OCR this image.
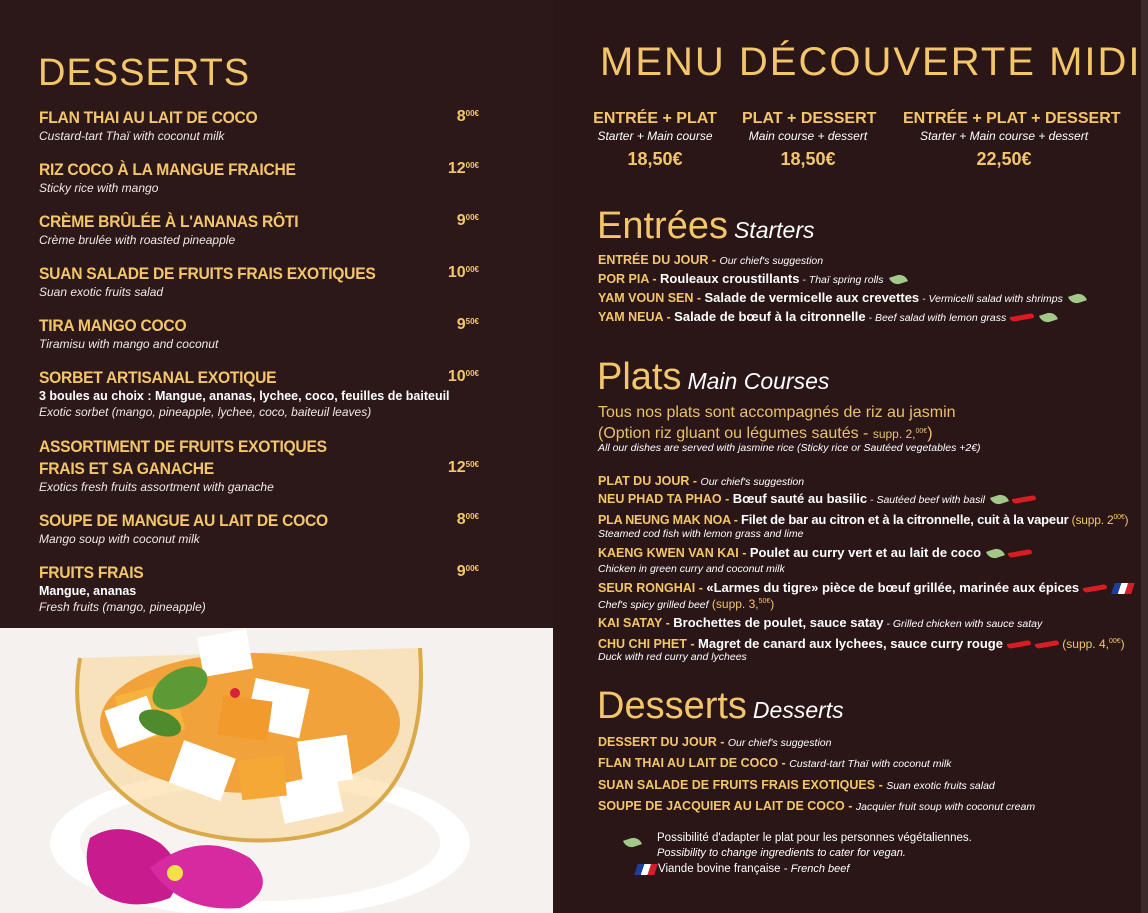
DESSERTS
FLAN THAI AU LAIT DE COCO	$8^{00€}$
Custard-tart Thaï with coconut milk
RIZ COCO À LA MANGUE FRAICHE	$12^{00€}$
Sticky rice with mango
CRÈME BRÛLÉE À L'ANANAS RÔTI	$9^{00€}$
Crème brulée with roasted pineapple
SUAN SALADE DE FRUITS FRAIS EXOTIQUES	$10^{00€}$
Suan exotic fruits salad
TIRA MANGO COCO	$9^{50€}$
Tiramisu with mango and coconut
SORBET ARTISANAL EXOTIQUE	$10^{00€}$
3 boules au choix : Mangue, ananas, lychee, coco, feuilles de baiteuil
Exotic sorbet (mango, pineapple, lychee, coco, baiteuil leaves)
ASSORTIMENT DE FRUITS EXOTIQUES
FRAIS ET SA GANACHE	$12^{50€}$
Exotics fresh fruits assortment with ganache
SOUPE DE MANGUE AU LAIT DE COCO	$8^{00€}$
Mango soup with coconut milk
FRUITS FRAIS	$9^{00€}$
Mangue, ananas
Fresh fruits (mango, pineapple)
MENU DÉCOUVERTE MIDI
ENTRÉE + PLAT
Starter + Main course
18,50€
PLAT + DESSERT
Main course + dessert
18,50€
ENTRÉE + PLAT + DESSERT
Starter + Main course + dessert
22,50€
Entrées Starters
ENTRÉE DU JOUR - Our chief's suggestion
POR PIA - Rouleaux croustillants - Thaï spring rolls
YAM VOUN SEN - Salade de vermicelle aux crevettes - Vermicelli salad with shrimps
YAM NEUA - Salade de bœuf à la citronnelle - Beef salad with lemon grass
Plats Main Courses
Tous nos plats sont accompagnés de riz au jasmin
(Option riz gluant ou légumes sautés - supp. 2,$^{00€}$)
All our dishes are served with jasmine rice (Sticky rice or Sautéed vegetables +2€)
PLAT DU JOUR - Our chief's suggestion
NEU PHAD TA PHAO - Bœuf sauté au basilic - Sautéed beef with basil
PLA NEUNG MAK NOA - Filet de bar au citron et à la citronnelle, cuit à la vapeur (supp. $2^{00€}$)
Steamed cod fish with lemon grass and lime
KAENG KWEN VAN KAI - Poulet au curry vert et au lait de coco
Chicken in green curry and coconut milk
SEUR RONGHAI - «Larmes du tigre» pièce de bœuf grillée, marinée aux épices
Chef's spicy grilled beef (supp. 3,$^{50€}$)
KAI SATAY - Brochettes de poulet, sauce satay - Grilled chicken with sauce satay
CHU CHI PHET - Magret de canard aux lychees, sauce curry rouge	(supp. 4,$^{00€}$)
Duck with red curry and lychees
Desserts Desserts
DESSERT DU JOUR - Our chief's suggestion
FLAN THAI AU LAIT DE COCO - Custard-tart Thaï with coconut milk
SUAN SALADE DE FRUITS FRAIS EXOTIQUES - Suan exotic fruits salad
SOUPE DE JACQUIER AU LAIT DE COCO - Jacquier fruit soup with coconut cream
Possibilité d'adapter le plat pour les personnes végétaliennes.
Possibility to change ingredients to cater for vegan.
Viande bovine française - French beef
